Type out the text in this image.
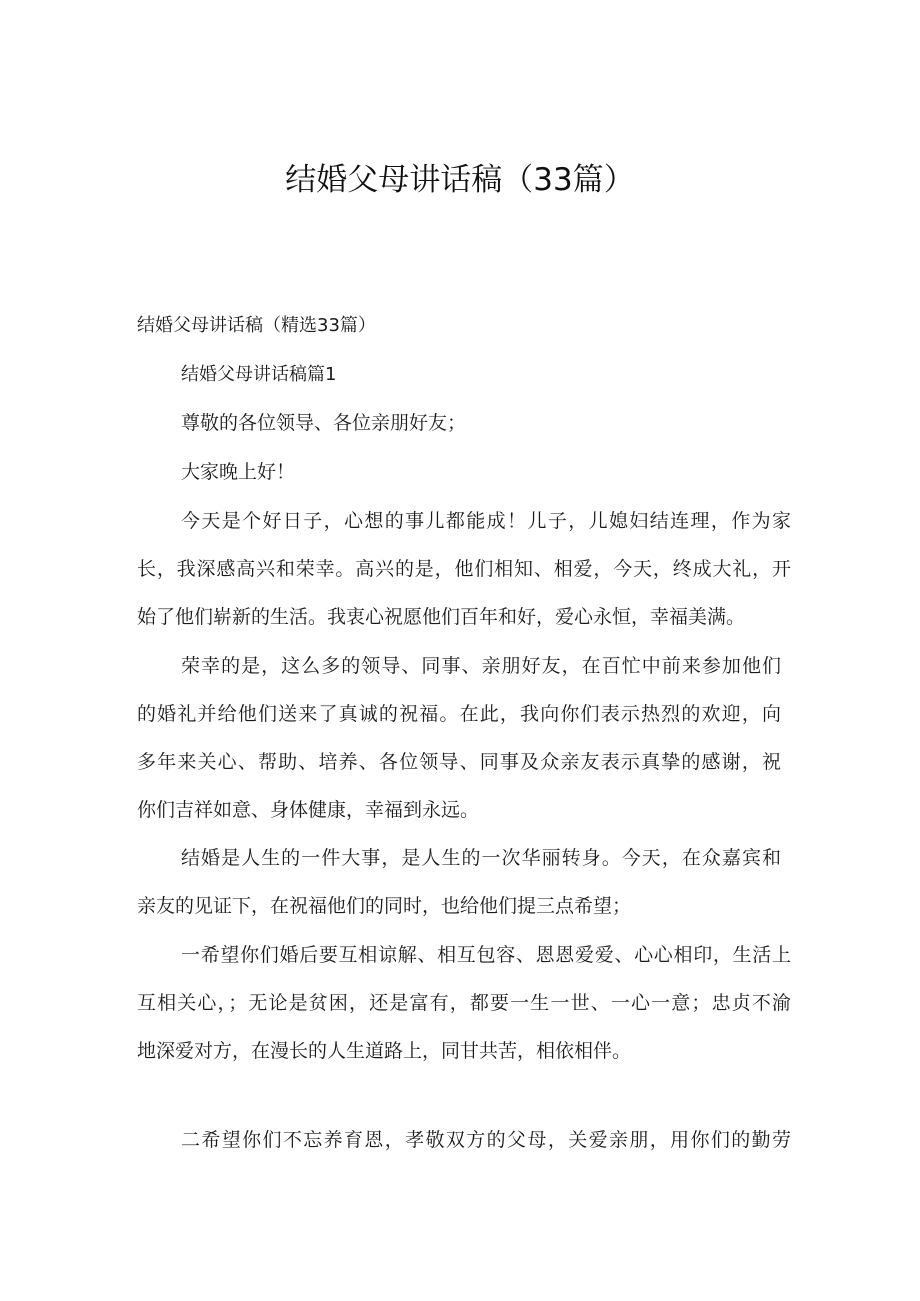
结婚父母讲话稿（33篇）

结婚父母讲话稿（精选33篇）

结婚父母讲话稿篇1

尊敬的各位领导、各位亲朋好友；

大家晚上好！

今天是个好日子，心想的事儿都能成！儿子，儿媳妇结连理，作为家

长，我深感高兴和荣幸。高兴的是，他们相知、相爱，今天，终成大礼，开

始了他们崭新的生活。我衷心祝愿他们百年和好，爱心永恒，幸福美满。

荣幸的是，这么多的领导、同事、亲朋好友，在百忙中前来参加他们

的婚礼并给他们送来了真诚的祝福。在此，我向你们表示热烈的欢迎，向

多年来关心、帮助、培养、各位领导、同事及众亲友表示真挚的感谢，祝

你们吉祥如意、身体健康，幸福到永远。

结婚是人生的一件大事，是人生的一次华丽转身。今天，在众嘉宾和

亲友的见证下，在祝福他们的同时，也给他们提三点希望；

一希望你们婚后要互相谅解、相互包容、恩恩爱爱、心心相印，生活上

互相关心，；无论是贫困，还是富有，都要一生一世、一心一意；忠贞不渝

地深爱对方，在漫长的人生道路上，同甘共苦，相依相伴。

二希望你们不忘养育恩，孝敬双方的父母，关爱亲朋，用你们的勤劳
